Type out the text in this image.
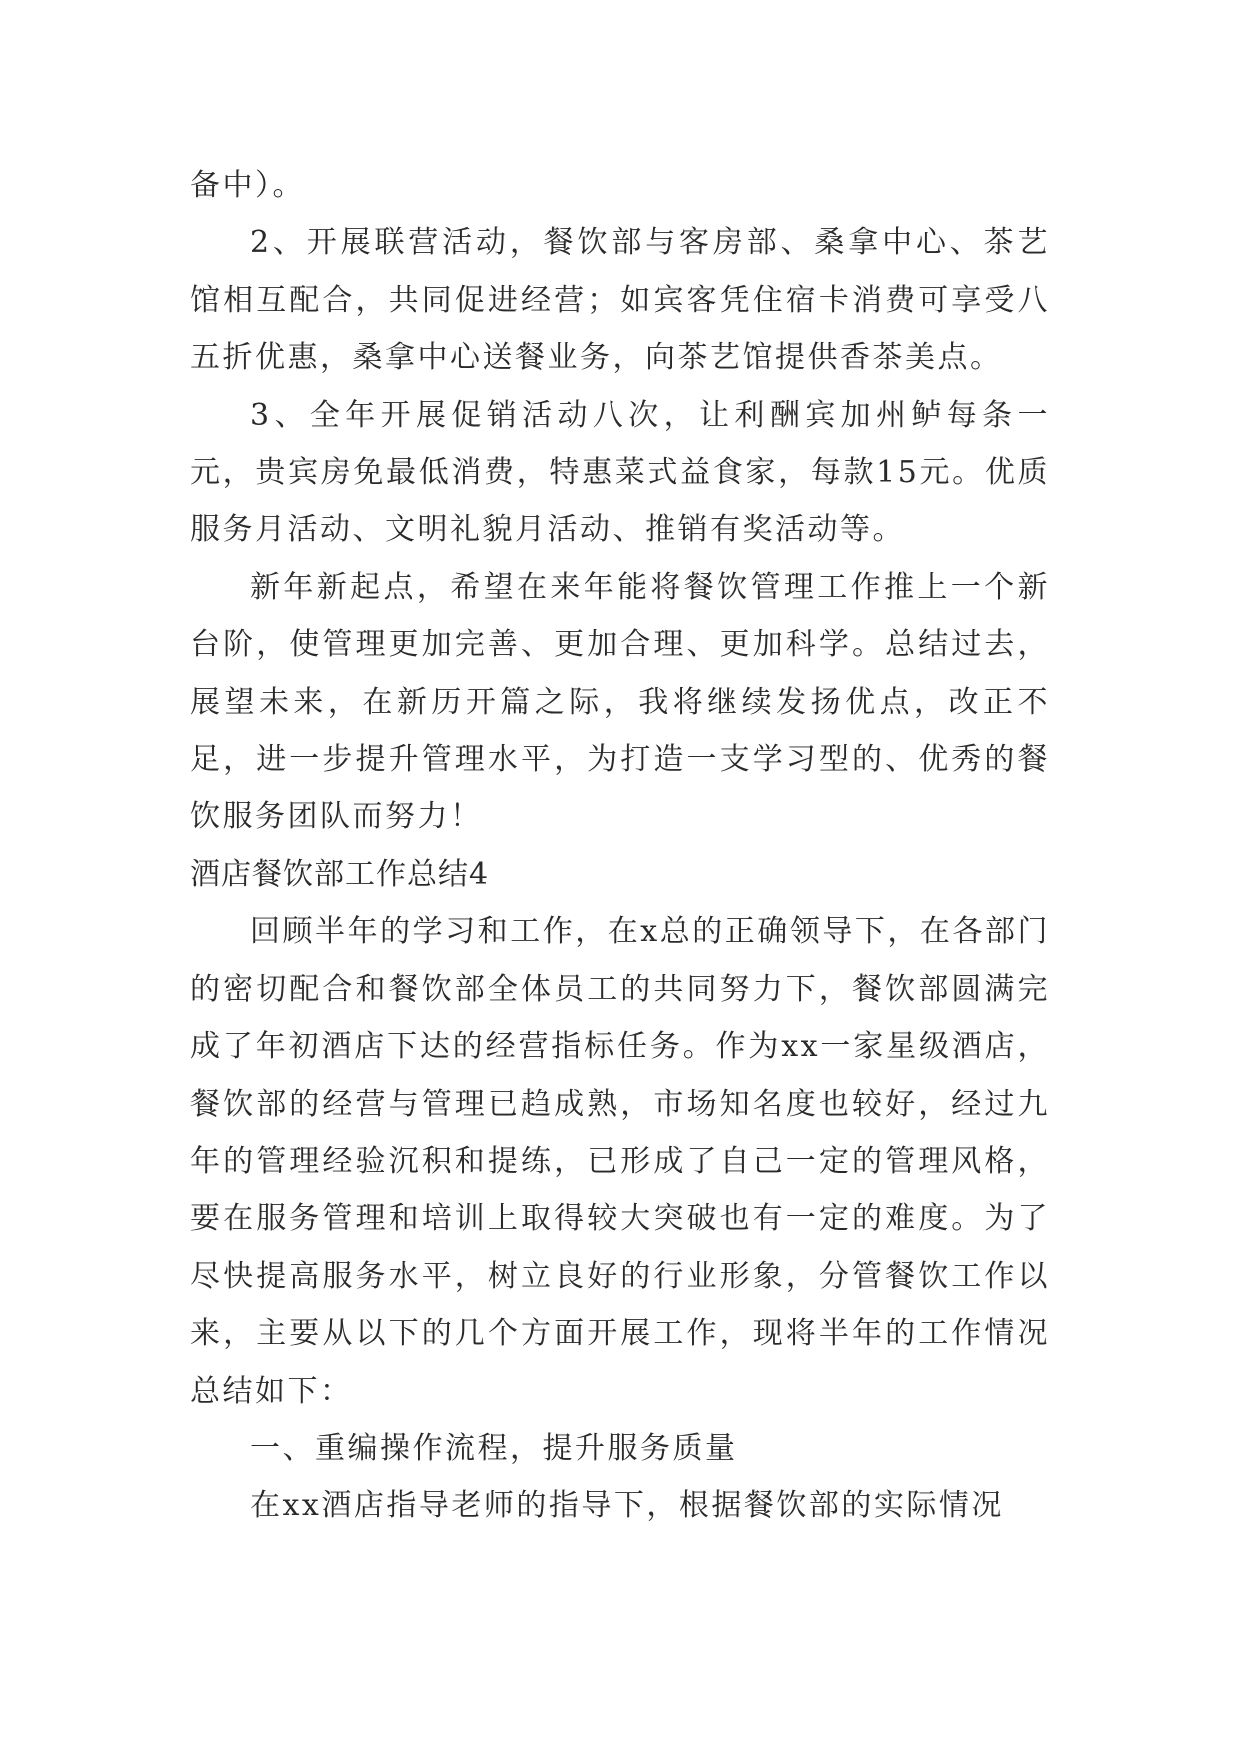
备中）。

2、开展联营活动，餐饮部与客房部、桑拿中心、茶艺馆相互配合，共同促进经营；如宾客凭住宿卡消费可享受八五折优惠，桑拿中心送餐业务，向茶艺馆提供香茶美点。

3、全年开展促销活动八次，让利酬宾加州鲈每条一元，贵宾房免最低消费，特惠菜式益食家，每款15元。优质服务月活动、文明礼貌月活动、推销有奖活动等。

新年新起点，希望在来年能将餐饮管理工作推上一个新台阶，使管理更加完善、更加合理、更加科学。总结过去，展望未来，在新历开篇之际，我将继续发扬优点，改正不足，进一步提升管理水平，为打造一支学习型的、优秀的餐饮服务团队而努力！

酒店餐饮部工作总结4

回顾半年的学习和工作，在x总的正确领导下，在各部门的密切配合和餐饮部全体员工的共同努力下，餐饮部圆满完成了年初酒店下达的经营指标任务。作为xx一家星级酒店，餐饮部的经营与管理已趋成熟，市场知名度也较好，经过九年的管理经验沉积和提练，已形成了自己一定的管理风格，要在服务管理和培训上取得较大突破也有一定的难度。为了尽快提高服务水平，树立良好的行业形象，分管餐饮工作以来，主要从以下的几个方面开展工作，现将半年的工作情况总结如下：

一、重编操作流程，提升服务质量

在xx酒店指导老师的指导下，根据餐饮部的实际情况
